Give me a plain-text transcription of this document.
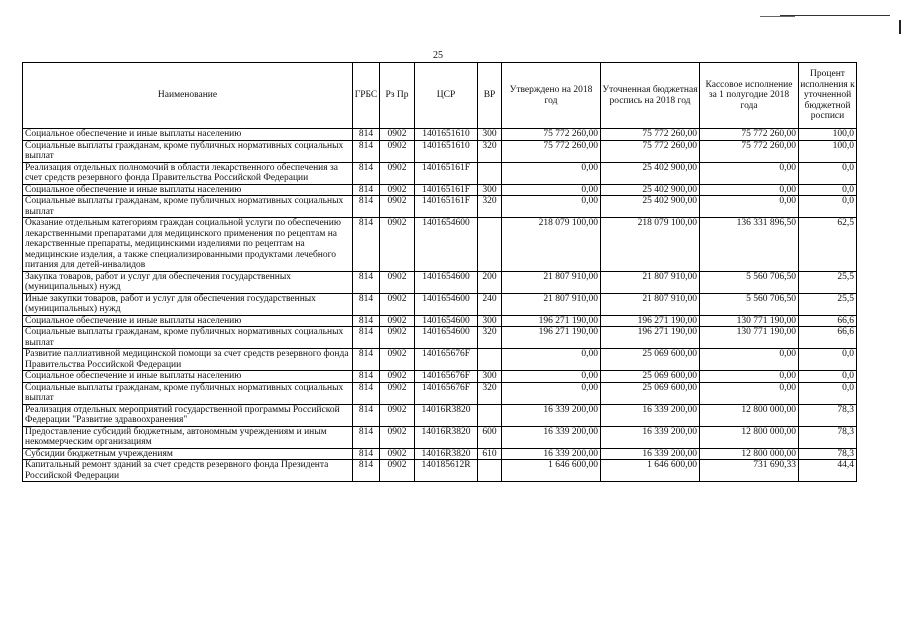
25
Наименование	ГРБС	Рз Пр	ЦСР	ВР	Утверждено на 2018 год	Уточненная бюджетная роспись на 2018 год	Кассовое исполнение за 1 полугодие 2018 года	Процент исполнения к уточненной бюджетной росписи
Социальное обеспечение и иные выплаты населению	814	0902	1401651610	300	75 772 260,00	75 772 260,00	75 772 260,00	100,0
Социальные выплаты гражданам, кроме публичных нормативных социальных выплат	814	0902	1401651610	320	75 772 260,00	75 772 260,00	75 772 260,00	100,0
Реализация отдельных полномочий в области лекарственного обеспечения за счет средств резервного фонда Правительства Российской Федерации	814	0902	140165161F		0,00	25 402 900,00	0,00	0,0
Социальное обеспечение и иные выплаты населению	814	0902	140165161F	300	0,00	25 402 900,00	0,00	0,0
Социальные выплаты гражданам, кроме публичных нормативных социальных выплат	814	0902	140165161F	320	0,00	25 402 900,00	0,00	0,0
Оказание отдельным категориям граждан социальной услуги по обеспечению лекарственными препаратами для медицинского применения по рецептам на лекарственные препараты, медицинскими изделиями по рецептам на медицинские изделия, а также специализированными продуктами лечебного питания для детей-инвалидов	814	0902	1401654600		218 079 100,00	218 079 100,00	136 331 896,50	62,5
Закупка товаров, работ и услуг для обеспечения государственных (муниципальных) нужд	814	0902	1401654600	200	21 807 910,00	21 807 910,00	5 560 706,50	25,5
Иные закупки товаров, работ и услуг для обеспечения государственных (муниципальных) нужд	814	0902	1401654600	240	21 807 910,00	21 807 910,00	5 560 706,50	25,5
Социальное обеспечение и иные выплаты населению	814	0902	1401654600	300	196 271 190,00	196 271 190,00	130 771 190,00	66,6
Социальные выплаты гражданам, кроме публичных нормативных социальных выплат	814	0902	1401654600	320	196 271 190,00	196 271 190,00	130 771 190,00	66,6
Развитие паллиативной медицинской помощи за счет средств резервного фонда Правительства Российской Федерации	814	0902	140165676F		0,00	25 069 600,00	0,00	0,0
Социальное обеспечение и иные выплаты населению	814	0902	140165676F	300	0,00	25 069 600,00	0,00	0,0
Социальные выплаты гражданам, кроме публичных нормативных социальных выплат	814	0902	140165676F	320	0,00	25 069 600,00	0,00	0,0
Реализация отдельных мероприятий государственной программы Российской Федерации "Развитие здравоохранения"	814	0902	14016R3820		16 339 200,00	16 339 200,00	12 800 000,00	78,3
Предоставление субсидий бюджетным, автономным учреждениям и иным некоммерческим организациям	814	0902	14016R3820	600	16 339 200,00	16 339 200,00	12 800 000,00	78,3
Субсидии бюджетным учреждениям	814	0902	14016R3820	610	16 339 200,00	16 339 200,00	12 800 000,00	78,3
Капитальный ремонт зданий за счет средств резервного фонда Президента Российской Федерации	814	0902	140185612R		1 646 600,00	1 646 600,00	731 690,33	44,4
